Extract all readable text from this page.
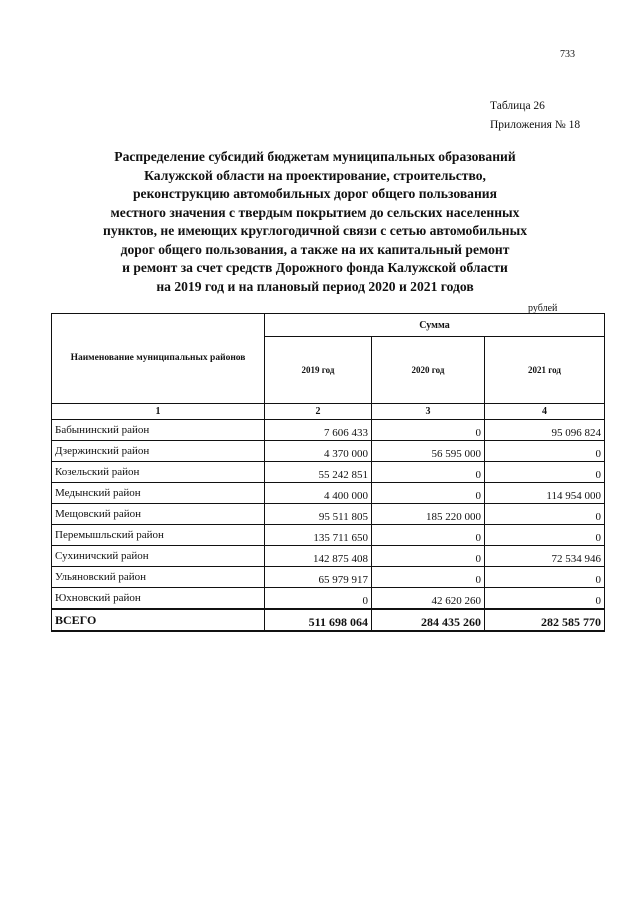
733
Таблица 26
Приложения № 18
Распределение субсидий бюджетам муниципальных образований
Калужской области на проектирование, строительство,
реконструкцию автомобильных дорог общего пользования
местного значения с твердым покрытием до сельских населенных
пунктов, не имеющих круглогодичной связи с сетью автомобильных
дорог общего пользования, а также на их капитальный ремонт
и ремонт за счет средств Дорожного фонда Калужской области
на 2019 год и на плановый период 2020 и 2021 годов
рублей
Наименование муниципальных районов	Сумма		
	2019 год	2020 год	2021 год
1	2	3	4
Бабынинский район	7 606 433	0	95 096 824
Дзержинский район	4 370 000	56 595 000	0
Козельский район	55 242 851	0	0
Медынский район	4 400 000	0	114 954 000
Мещовский район	95 511 805	185 220 000	0
Перемышльский район	135 711 650	0	0
Сухиничский район	142 875 408	0	72 534 946
Ульяновский район	65 979 917	0	0
Юхновский район	0	42 620 260	0
ВСЕГО	511 698 064	284 435 260	282 585 770
